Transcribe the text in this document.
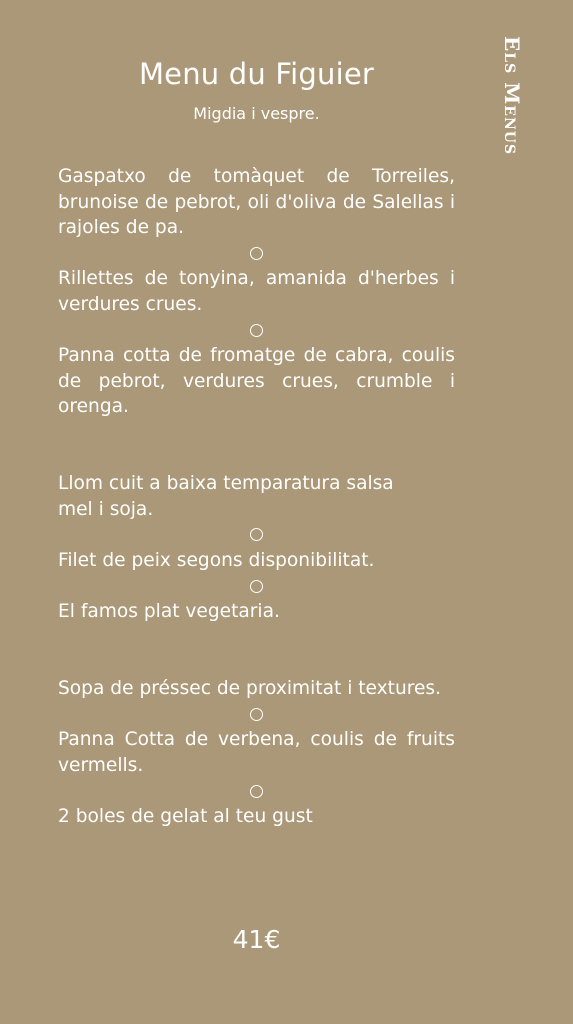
Menu du Figuier
Migdia i vespre.	Els Menus

Gaspatxo de tomàquet de Torreiles, brunoise de pebrot, oli d'oliva de Salellas i rajoles de pa.

Rillettes de tonyina, amanida d'herbes i verdures crues.

Panna cotta de fromatge de cabra, coulis de pebrot, verdures crues, crumble i orenga.

Llom cuit a baixa temparatura salsa mel i soja.

Filet de peix segons disponibilitat.

El famos plat vegetaria.

Sopa de préssec de proximitat i textures.

Panna Cotta de verbena, coulis de fruits vermells.

2 boles de gelat al teu gust

41€
